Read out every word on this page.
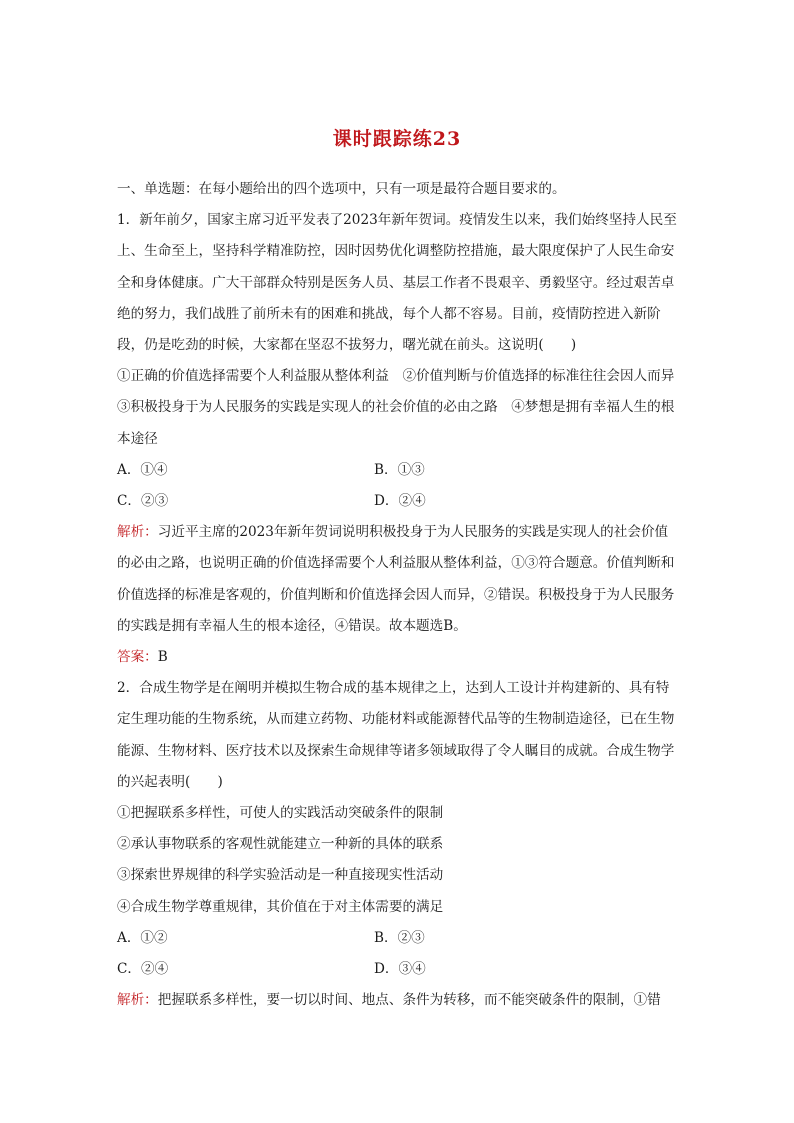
课时跟踪练23

一、单选题：在每小题给出的四个选项中，只有一项是最符合题目要求的。

1．新年前夕，国家主席习近平发表了2023年新年贺词。疫情发生以来，我们始终坚持人民至上、生命至上，坚持科学精准防控，因时因势优化调整防控措施，最大限度保护了人民生命安全和身体健康。广大干部群众特别是医务人员、基层工作者不畏艰辛、勇毅坚守。经过艰苦卓绝的努力，我们战胜了前所未有的困难和挑战，每个人都不容易。目前，疫情防控进入新阶段，仍是吃劲的时候，大家都在坚忍不拔努力，曙光就在前头。这说明(　　)

①正确的价值选择需要个人利益服从整体利益　②价值判断与价值选择的标准往往会因人而异　③积极投身于为人民服务的实践是实现人的社会价值的必由之路　④梦想是拥有幸福人生的根本途径

A．①④	B．①③
C．②③	D．②④

解析：习近平主席的2023年新年贺词说明积极投身于为人民服务的实践是实现人的社会价值的必由之路，也说明正确的价值选择需要个人利益服从整体利益，①③符合题意。价值判断和价值选择的标准是客观的，价值判断和价值选择会因人而异，②错误。积极投身于为人民服务的实践是拥有幸福人生的根本途径，④错误。故本题选B。

答案：B

2．合成生物学是在阐明并模拟生物合成的基本规律之上，达到人工设计并构建新的、具有特定生理功能的生物系统，从而建立药物、功能材料或能源替代品等的生物制造途径，已在生物能源、生物材料、医疗技术以及探索生命规律等诸多领域取得了令人瞩目的成就。合成生物学的兴起表明(　　)

①把握联系多样性，可使人的实践活动突破条件的限制

②承认事物联系的客观性就能建立一种新的具体的联系

③探索世界规律的科学实验活动是一种直接现实性活动

④合成生物学尊重规律，其价值在于对主体需要的满足

A．①②	B．②③
C．②④	D．③④

解析：把握联系多样性，要一切以时间、地点、条件为转移，而不能突破条件的限制，①错
